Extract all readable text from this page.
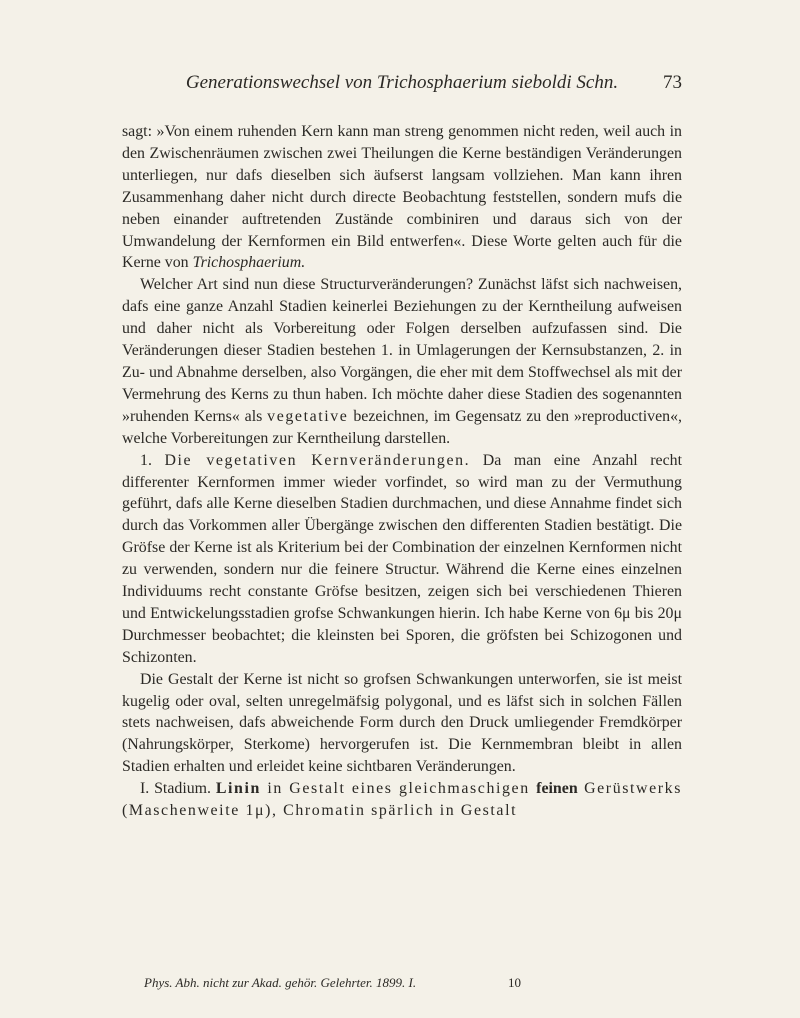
Generationswechsel von Trichosphaerium sieboldi Schn.	73

sagt: »Von einem ruhenden Kern kann man streng genommen nicht reden, weil auch in den Zwischenräumen zwischen zwei Theilungen die Kerne beständigen Veränderungen unterliegen, nur dafs dieselben sich äufserst langsam vollziehen. Man kann ihren Zusammenhang daher nicht durch directe Beobachtung feststellen, sondern mufs die neben einander auftretenden Zustände combiniren und daraus sich von der Umwandelung der Kernformen ein Bild entwerfen«. Diese Worte gelten auch für die Kerne von Trichosphaerium.

Welcher Art sind nun diese Structurveränderungen? Zunächst läfst sich nachweisen, dafs eine ganze Anzahl Stadien keinerlei Beziehungen zu der Kerntheilung aufweisen und daher nicht als Vorbereitung oder Folgen derselben aufzufassen sind. Die Veränderungen dieser Stadien bestehen 1. in Umlagerungen der Kernsubstanzen, 2. in Zu- und Abnahme derselben, also Vorgängen, die eher mit dem Stoffwechsel als mit der Vermehrung des Kerns zu thun haben. Ich möchte daher diese Stadien des sogenannten »ruhenden Kerns« als vegetative bezeichnen, im Gegensatz zu den »reproductiven«, welche Vorbereitungen zur Kerntheilung darstellen.

1. Die vegetativen Kernveränderungen. Da man eine Anzahl recht differenter Kernformen immer wieder vorfindet, so wird man zu der Vermuthung geführt, dafs alle Kerne dieselben Stadien durchmachen, und diese Annahme findet sich durch das Vorkommen aller Übergänge zwischen den differenten Stadien bestätigt. Die Gröfse der Kerne ist als Kriterium bei der Combination der einzelnen Kernformen nicht zu verwenden, sondern nur die feinere Structur. Während die Kerne eines einzelnen Individuums recht constante Gröfse besitzen, zeigen sich bei verschiedenen Thieren und Entwickelungsstadien grofse Schwankungen hierin. Ich habe Kerne von 6μ bis 20μ Durchmesser beobachtet; die kleinsten bei Sporen, die gröfsten bei Schizogonen und Schizonten.

Die Gestalt der Kerne ist nicht so grofsen Schwankungen unterworfen, sie ist meist kugelig oder oval, selten unregelmäfsig polygonal, und es läfst sich in solchen Fällen stets nachweisen, dafs abweichende Form durch den Druck umliegender Fremdkörper (Nahrungskörper, Sterkome) hervorgerufen ist. Die Kernmembran bleibt in allen Stadien erhalten und erleidet keine sichtbaren Veränderungen.

I. Stadium. Linin in Gestalt eines gleichmaschigen feinen Gerüstwerks (Maschenweite 1μ), Chromatin spärlich in Gestalt

Phys. Abh. nicht zur Akad. gehör. Gelehrter. 1899. I.	10
